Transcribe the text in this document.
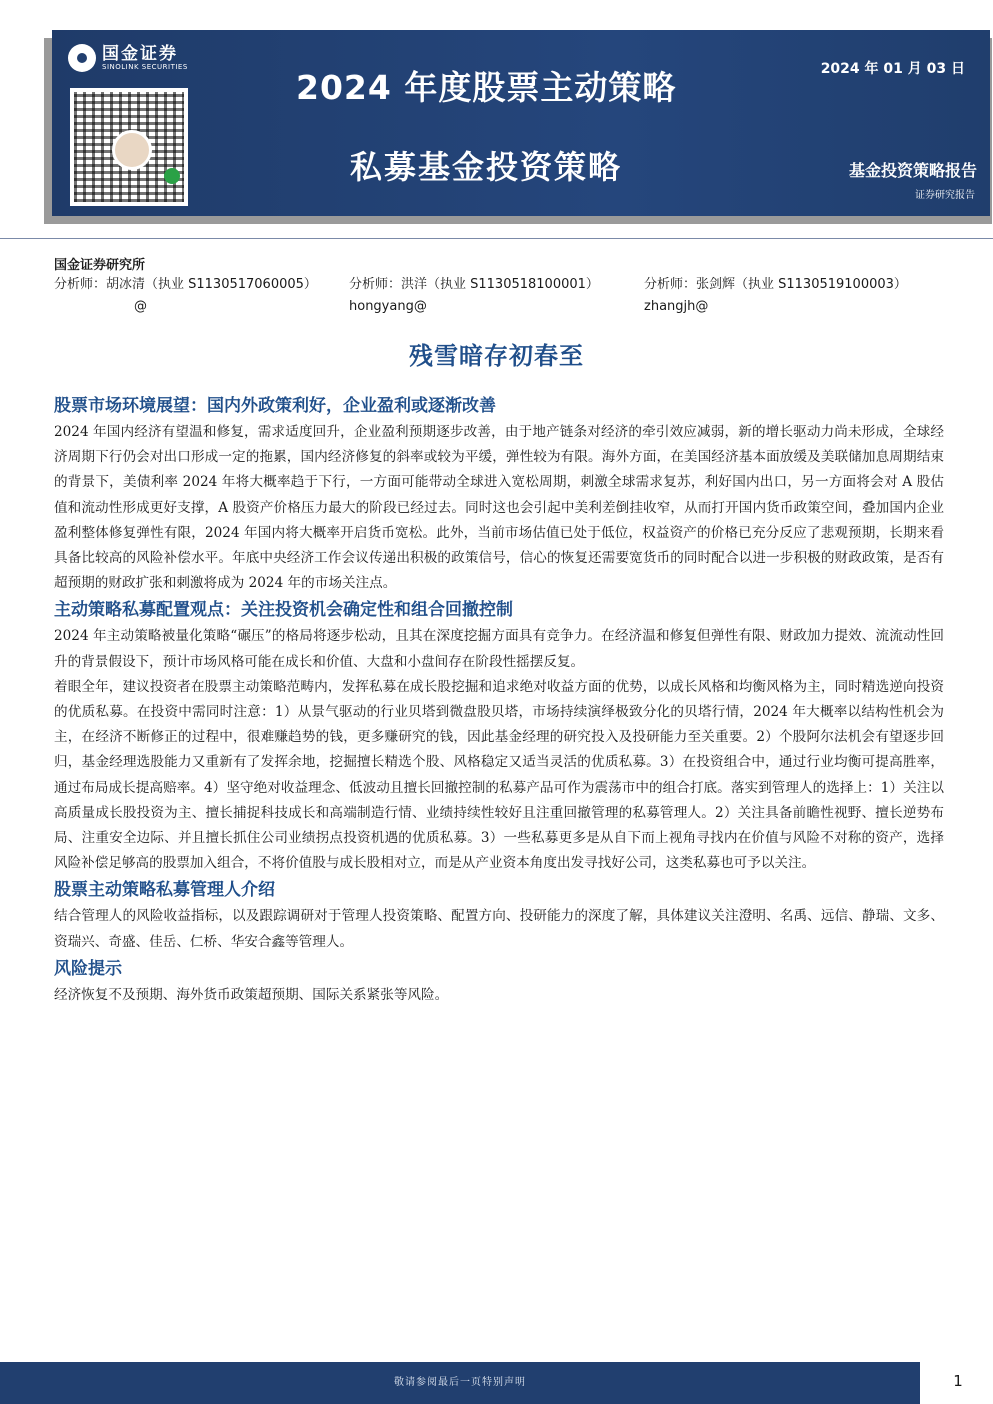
国金证券
SINOLINK SECURITIES
2024 年度股票主动策略
私募基金投资策略
2024 年 01 月 03 日
基金投资策略报告
证券研究报告
国金证券研究所
分析师：胡冰清（执业 S1130517060005）
@
分析师：洪洋（执业 S1130518100001）
hongyang@
分析师：张剑辉（执业 S1130519100003）
zhangjh@
残雪暗存初春至
股票市场环境展望：国内外政策利好，企业盈利或逐渐改善

2024 年国内经济有望温和修复，需求适度回升，企业盈利预期逐步改善，由于地产链条对经济的牵引效应减弱，新的增长驱动力尚未形成，全球经济周期下行仍会对出口形成一定的拖累，国内经济修复的斜率或较为平缓，弹性较为有限。海外方面，在美国经济基本面放缓及美联储加息周期结束的背景下，美债利率 2024 年将大概率趋于下行，一方面可能带动全球进入宽松周期，刺激全球需求复苏，利好国内出口，另一方面将会对 A 股估值和流动性形成更好支撑，A 股资产价格压力最大的阶段已经过去。同时这也会引起中美利差倒挂收窄，从而打开国内货币政策空间，叠加国内企业盈利整体修复弹性有限，2024 年国内将大概率开启货币宽松。此外，当前市场估值已处于低位，权益资产的价格已充分反应了悲观预期，长期来看具备比较高的风险补偿水平。年底中央经济工作会议传递出积极的政策信号，信心的恢复还需要宽货币的同时配合以进一步积极的财政政策，是否有超预期的财政扩张和刺激将成为 2024 年的市场关注点。

主动策略私募配置观点：关注投资机会确定性和组合回撤控制

2024 年主动策略被量化策略“碾压”的格局将逐步松动，且其在深度挖掘方面具有竞争力。在经济温和修复但弹性有限、财政加力提效、流流动性回升的背景假设下，预计市场风格可能在成长和价值、大盘和小盘间存在阶段性摇摆反复。

着眼全年，建议投资者在股票主动策略范畴内，发挥私募在成长股挖掘和追求绝对收益方面的优势，以成长风格和均衡风格为主，同时精选逆向投资的优质私募。在投资中需同时注意：1）从景气驱动的行业贝塔到微盘股贝塔，市场持续演绎极致分化的贝塔行情，2024 年大概率以结构性机会为主，在经济不断修正的过程中，很难赚趋势的钱，更多赚研究的钱，因此基金经理的研究投入及投研能力至关重要。2）个股阿尔法机会有望逐步回归，基金经理选股能力又重新有了发挥余地，挖掘擅长精选个股、风格稳定又适当灵活的优质私募。3）在投资组合中，通过行业均衡可提高胜率，通过布局成长提高赔率。4）坚守绝对收益理念、低波动且擅长回撤控制的私募产品可作为震荡市中的组合打底。落实到管理人的选择上：1）关注以高质量成长股投资为主、擅长捕捉科技成长和高端制造行情、业绩持续性较好且注重回撤管理的私募管理人。2）关注具备前瞻性视野、擅长逆势布局、注重安全边际、并且擅长抓住公司业绩拐点投资机遇的优质私募。3）一些私募更多是从自下而上视角寻找内在价值与风险不对称的资产，选择风险补偿足够高的股票加入组合，不将价值股与成长股相对立，而是从产业资本角度出发寻找好公司，这类私募也可予以关注。

股票主动策略私募管理人介绍

结合管理人的风险收益指标，以及跟踪调研对于管理人投资策略、配置方向、投研能力的深度了解，具体建议关注澄明、名禹、远信、静瑞、文多、资瑞兴、奇盛、佳岳、仁桥、华安合鑫等管理人。

风险提示

经济恢复不及预期、海外货币政策超预期、国际关系紧张等风险。

敬请参阅最后一页特别声明	1
